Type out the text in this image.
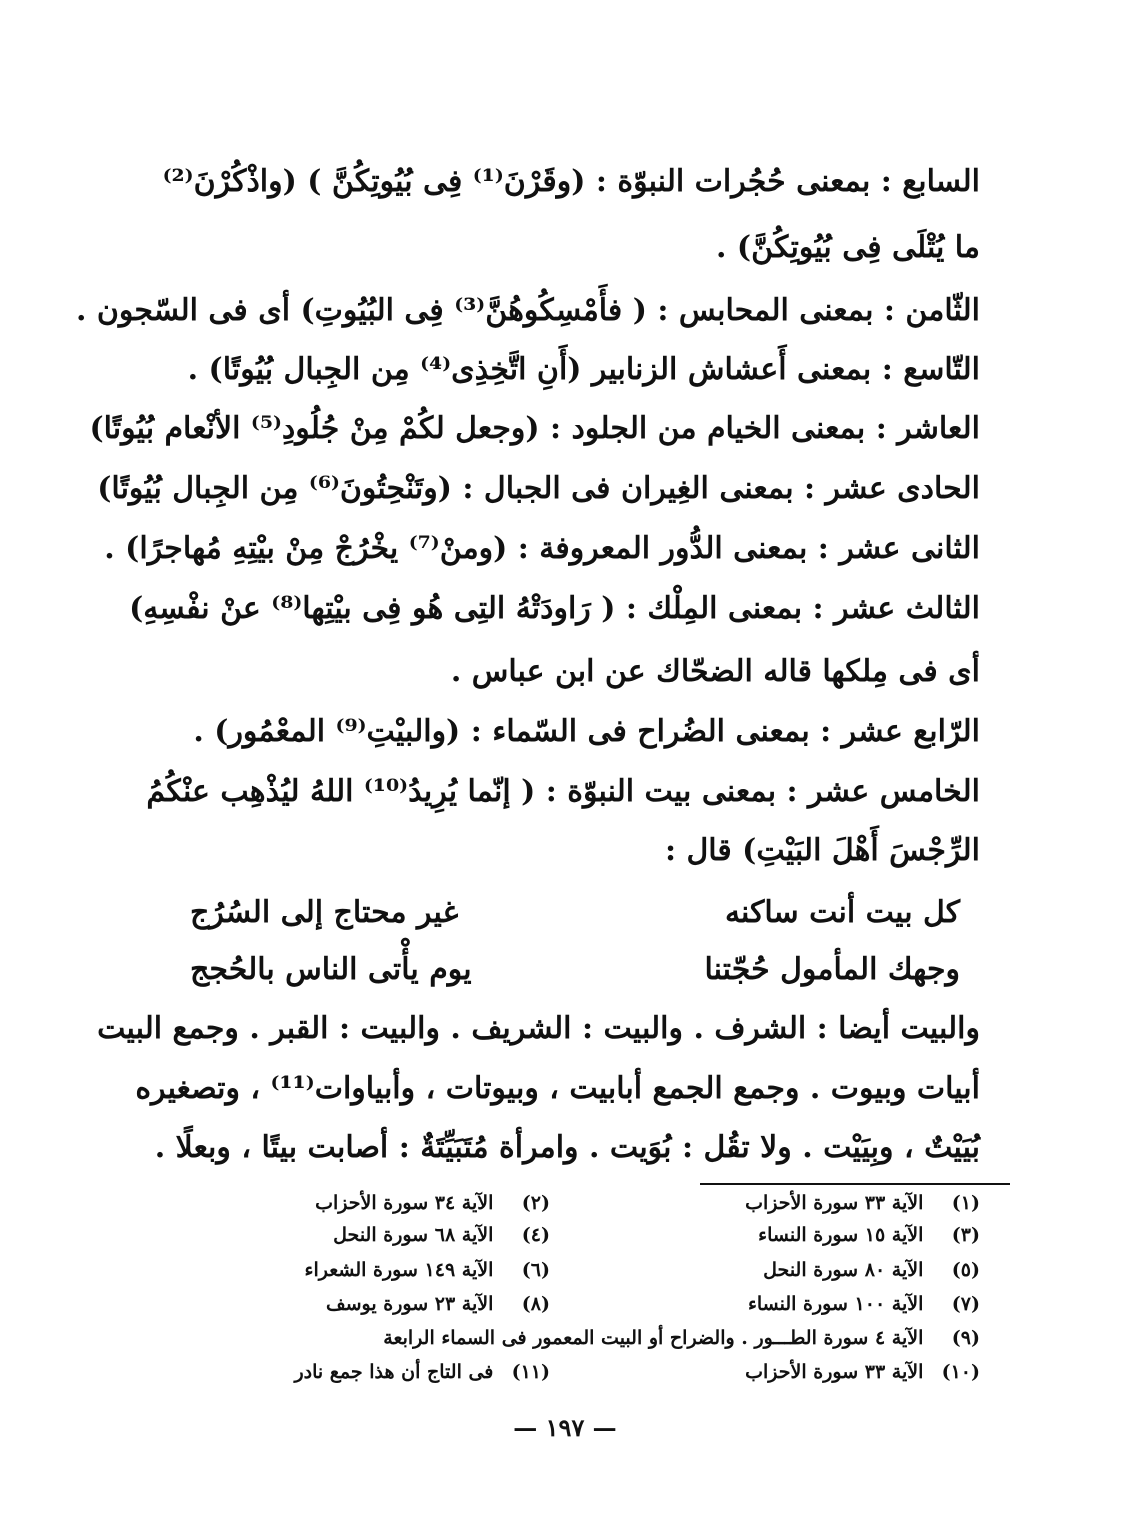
السابع : بمعنى حُجُرات النبوّة : (وقَرْنَ⁽¹⁾ فِى بُيُوتِكُنَّ ) (واذْكُرْنَ⁽²⁾
ما يُتْلَى فِى بُيُوتِكُنَّ) .
الثّامن : بمعنى المحابس : ( فأَمْسِكُوهُنَّ⁽³⁾ فِى البُيُوتِ) أى فى السّجون .
التّاسع : بمعنى أَعشاش الزنابير (أَنِ اتَّخِذِى⁽⁴⁾ مِن الجِبال بُيُوتًا) .
العاشر : بمعنى الخيام من الجلود : (وجعل لكُمْ مِنْ جُلُودِ⁽⁵⁾ الأنْعام بُيُوتًا)
الحادى عشر : بمعنى الغِيران فى الجبال : (وتَنْحِتُونَ⁽⁶⁾ مِن الجِبال بُيُوتًا)
الثانى عشر : بمعنى الدُّور المعروفة : (ومنْ⁽⁷⁾ يخْرُجْ مِنْ بيْتِهِ مُهاجرًا) .
الثالث عشر : بمعنى المِلْك : ( رَاودَتْهُ التِى هُو فِى بيْتِها⁽⁸⁾ عنْ نفْسِهِ)
أى فى مِلكها قاله الضحّاك عن ابن عباس .
الرّابع عشر : بمعنى الضُراح فى السّماء : (والبيْتِ⁽⁹⁾ المعْمُور) .
الخامس عشر : بمعنى بيت النبوّة : ( إنّما يُرِيدُ⁽¹⁰⁾ اللهُ ليُذْهِب عنْكُمُ
الرِّجْسَ أَهْلَ البَيْتِ) قال :
كل بيت أنت ساكنه
غير محتاج إلى السُرُج
وجهك المأمول حُجّتنا
يوم يأْتى الناس بالحُجج
والبيت أيضا : الشرف . والبيت : الشريف . والبيت : القبر . وجمع البيت
أبيات وبيوت . وجمع الجمع أبابيت ، وبيوتات ، وأبياوات⁽¹¹⁾ ، وتصغيره
بُيَيْتٌ ، وبِيَيْت . ولا تقُل : بُوَيت . وامرأة مُتَبَيِّتَةٌ : أصابت بيتًا ، وبعلًا .
(١) الآية ٣٣ سورة الأحزاب
(٢) الآية ٣٤ سورة الأحزاب
(٣) الآية ١٥ سورة النساء
(٤) الآية ٦٨ سورة النحل
(٥) الآية ٨٠ سورة النحل
(٦) الآية ١٤٩ سورة الشعراء
(٧) الآية ١٠٠ سورة النساء
(٨) الآية ٢٣ سورة يوسف
(٩) الآية ٤ سورة الطـــور . والضراح أو البيت المعمور فى السماء الرابعة
(١٠) الآية ٣٣ سورة الأحزاب
(١١) فى التاج أن هذا جمع نادر
— ١٩٧ —
